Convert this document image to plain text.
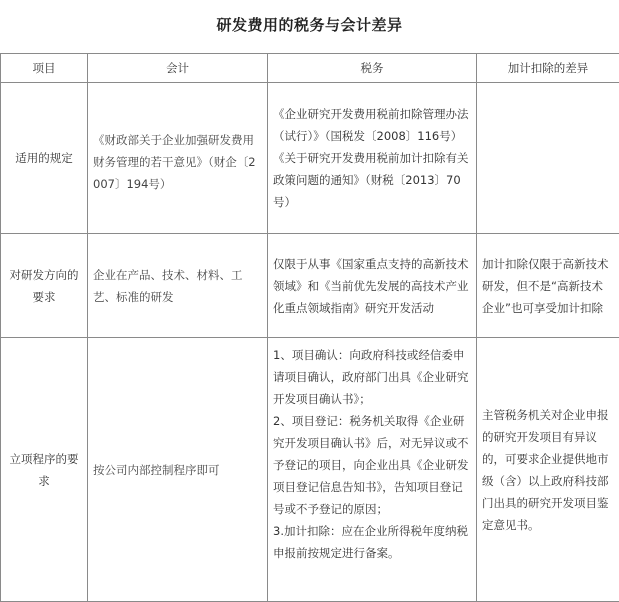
研发费用的税务与会计差异
项目	会计	税务	加计扣除的差异
适用的规定	《财政部关于企业加强研发费用财务管理的若干意见》（财企〔2007〕194号）	《企业研究开发费用税前扣除管理办法（试行）》（国税发〔2008〕116号）

《关于研究开发费用税前加计扣除有关政策问题的通知》（财税〔2013〕70号）	

对研发方向的要求	企业在产品、技术、材料、工艺、标准的研发	仅限于从事《国家重点支持的高新技术领域》和《当前优先发展的高技术产业化重点领域指南》研究开发活动	加计扣除仅限于高新技术研发，但不是“高新技术企业”也可享受加计扣除

立项程序的要求	按公司内部控制程序即可	1、项目确认：向政府科技或经信委申请项目确认，政府部门出具《企业研究开发项目确认书》；

2、项目登记：税务机关取得《企业研究开发项目确认书》后，对无异议或不予登记的项目，向企业出具《企业研发项目登记信息告知书》，告知项目登记号或不予登记的原因；

3.加计扣除：应在企业所得税年度纳税申报前按规定进行备案。	主管税务机关对企业申报的研究开发项目有异议的，可要求企业提供地市级（含）以上政府科技部门出具的研究开发项目鉴定意见书。
